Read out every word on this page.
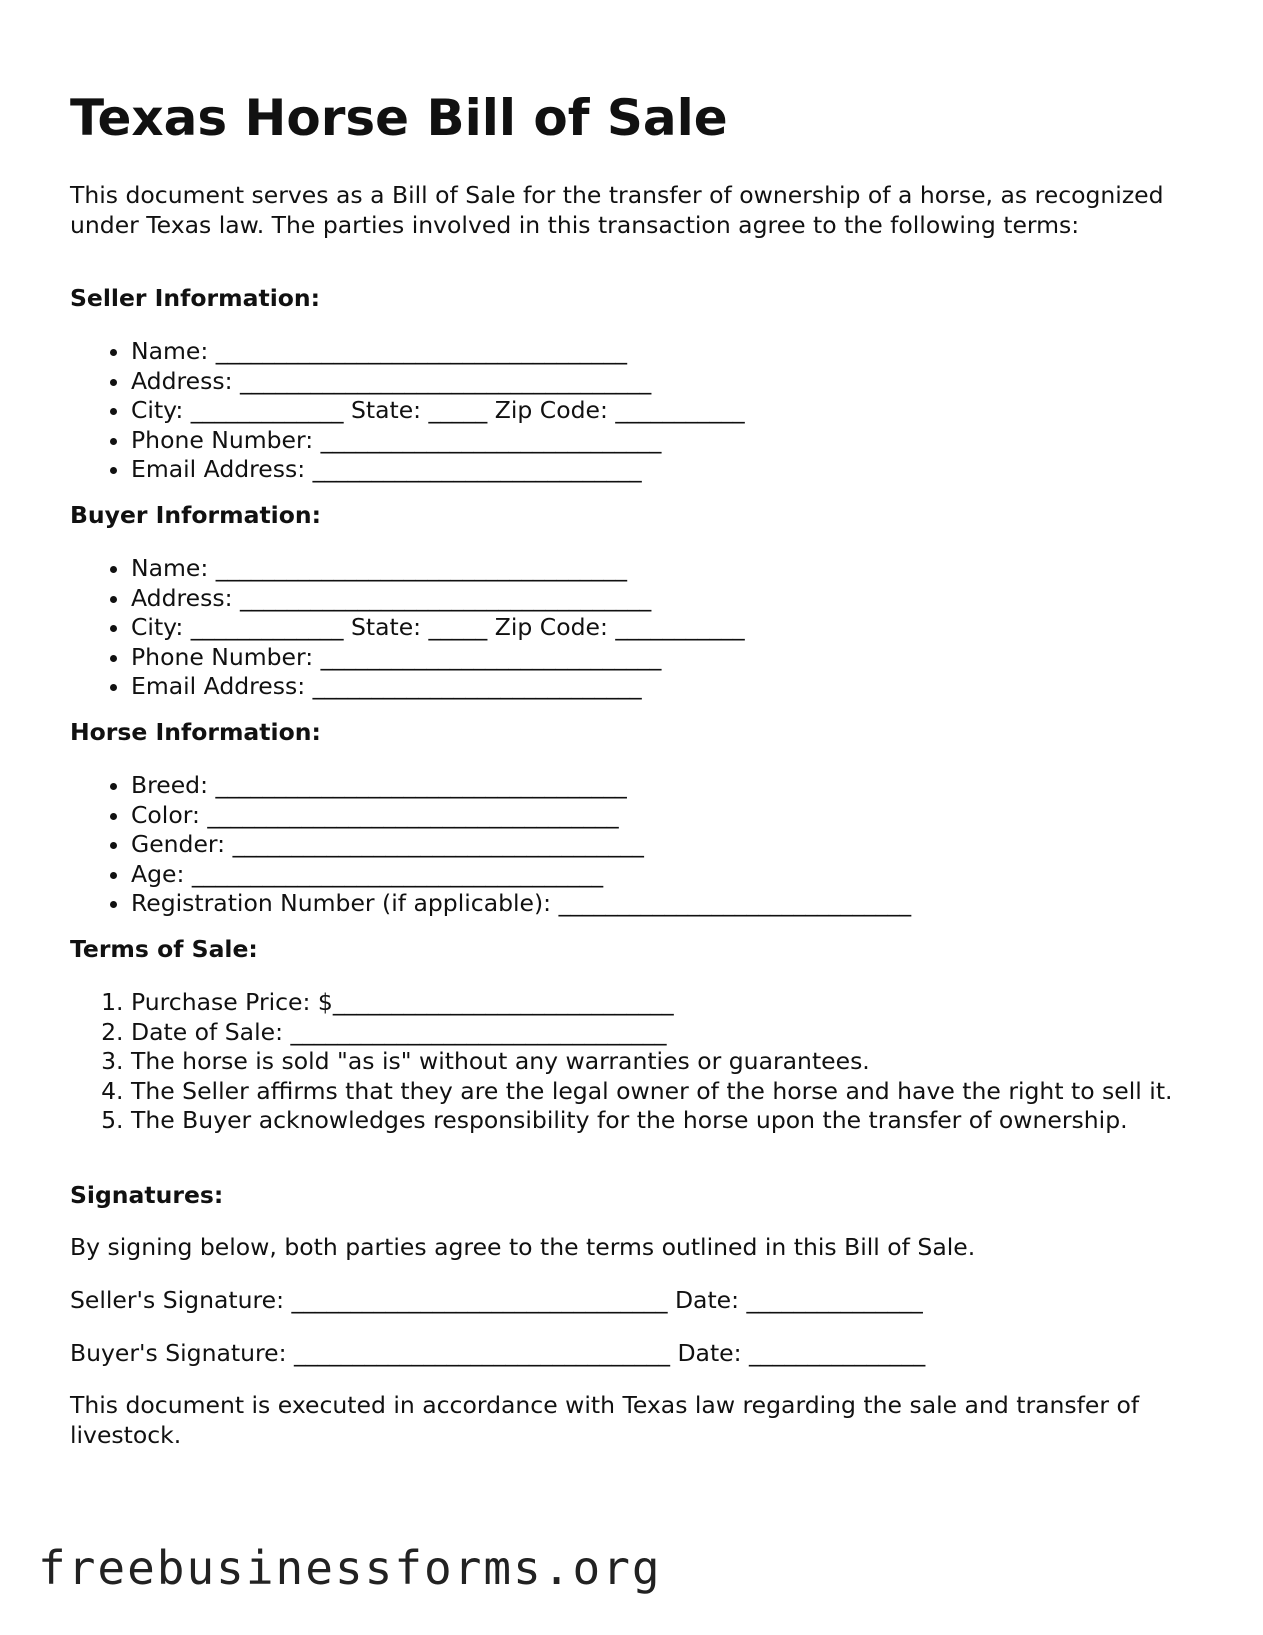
Texas Horse Bill of Sale

This document serves as a Bill of Sale for the transfer of ownership of a horse, as recognized under Texas law. The parties involved in this transaction agree to the following terms:

Seller Information:

• Name: ___________________________________
• Address: ___________________________________
• City: _____________ State: _____ Zip Code: ___________
• Phone Number: _____________________________
• Email Address: ____________________________

Buyer Information:

• Name: ___________________________________
• Address: ___________________________________
• City: _____________ State: _____ Zip Code: ___________
• Phone Number: _____________________________
• Email Address: ____________________________

Horse Information:

• Breed: ___________________________________
• Color: ___________________________________
• Gender: ___________________________________
• Age: ___________________________________
• Registration Number (if applicable): ______________________________

Terms of Sale:

1. Purchase Price: $_____________________________
2. Date of Sale: ________________________________
3. The horse is sold "as is" without any warranties or guarantees.
4. The Seller affirms that they are the legal owner of the horse and have the right to sell it.
5. The Buyer acknowledges responsibility for the horse upon the transfer of ownership.

Signatures:

By signing below, both parties agree to the terms outlined in this Bill of Sale.

Seller's Signature: ________________________________ Date: _______________

Buyer's Signature: ________________________________ Date: _______________

This document is executed in accordance with Texas law regarding the sale and transfer of livestock.

freebusinessforms.org
